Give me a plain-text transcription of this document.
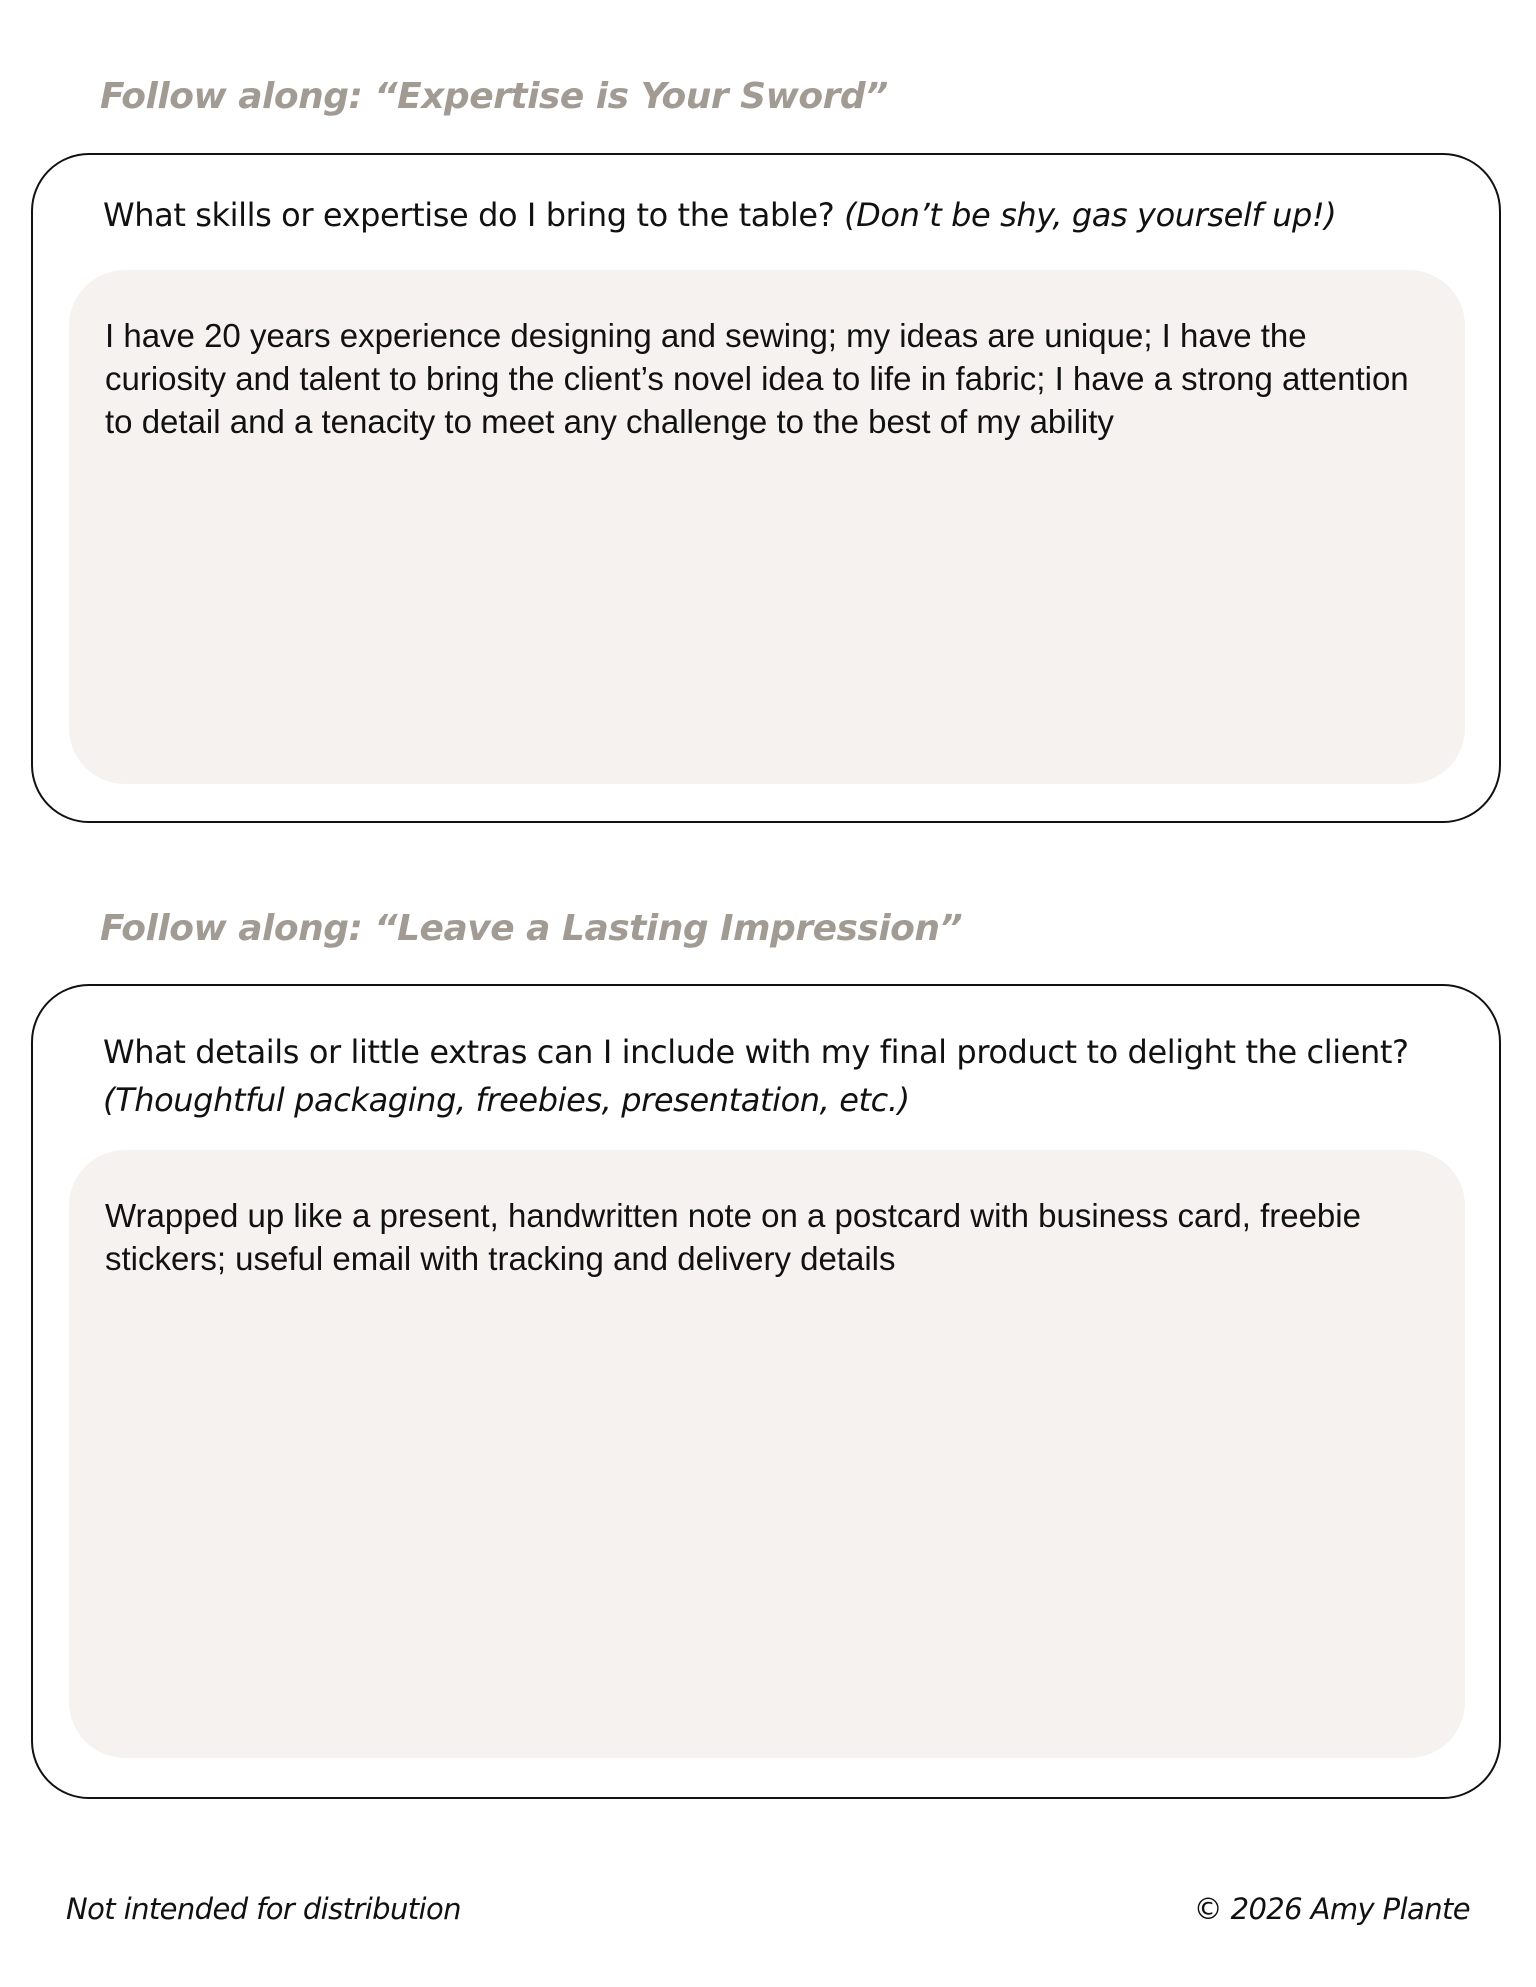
Follow along: “Expertise is Your Sword”

What skills or expertise do I bring to the table? (Don’t be shy, gas yourself up!)

I have 20 years experience designing and sewing; my ideas are unique; I have the curiosity and talent to bring the client’s novel idea to life in fabric; I have a strong attention to detail and a tenacity to meet any challenge to the best of my ability

Follow along: “Leave a Lasting Impression”

What details or little extras can I include with my final product to delight the client? (Thoughtful packaging, freebies, presentation, etc.)

Wrapped up like a present, handwritten note on a postcard with business card, freebie stickers; useful email with tracking and delivery details

Not intended for distribution	© 2026 Amy Plante
